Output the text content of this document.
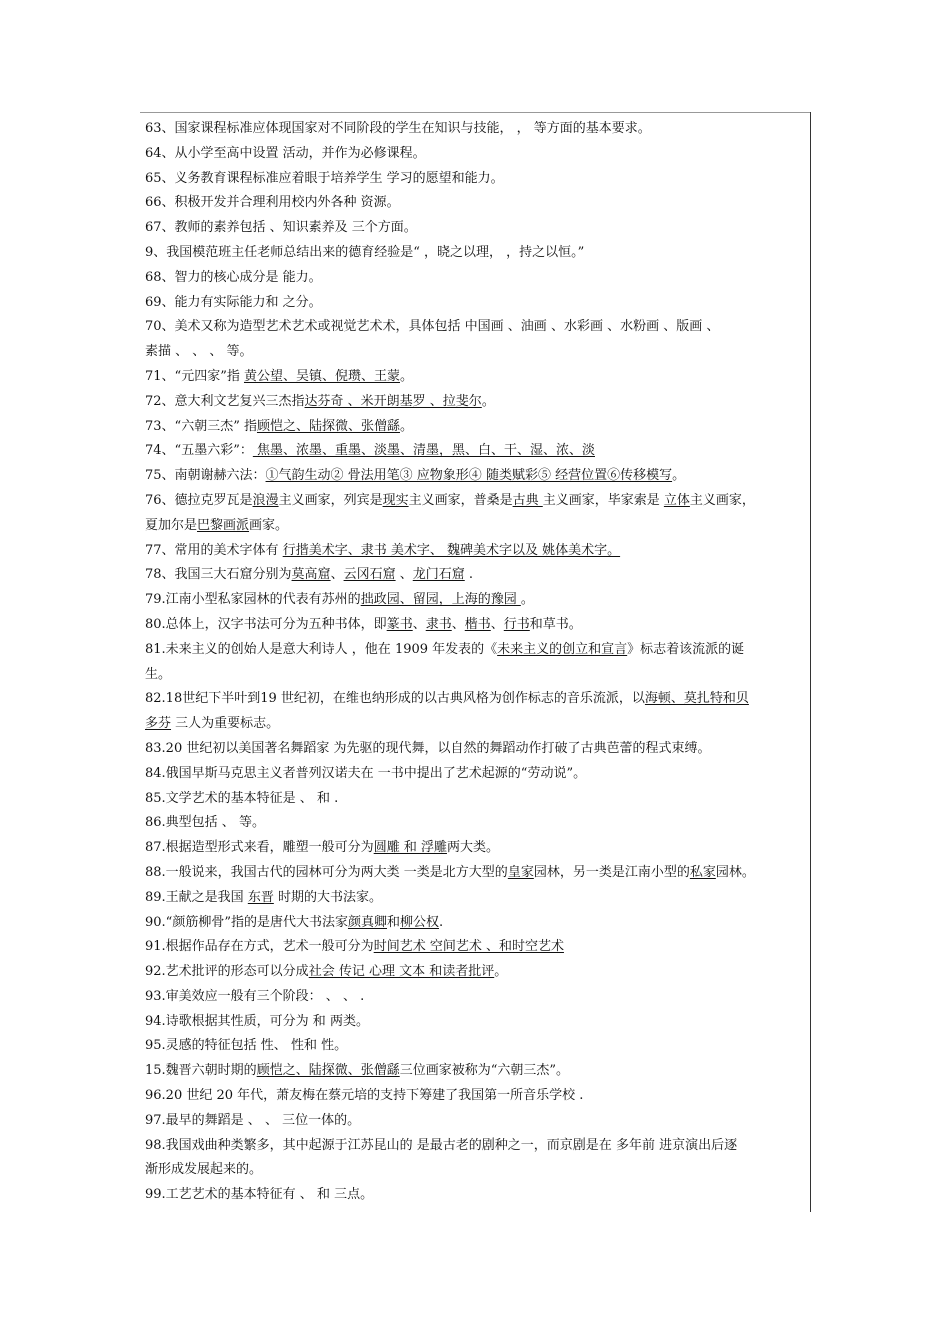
63、国家课程标准应体现国家对不同阶段的学生在知识与技能， ， 等方面的基本要求。
64、从小学至高中设置 活动，并作为必修课程。
65、义务教育课程标准应着眼于培养学生 学习的愿望和能力。
66、积极开发并合理利用校内外各种 资源。
67、教师的素养包括 、知识素养及 三个方面。
9、我国模范班主任老师总结出来的德育经验是“ ，晓之以理， ，持之以恒。”
68、智力的核心成分是 能力。
69、能力有实际能力和 之分。
70、美术又称为造型艺术艺术或视觉艺术术，具体包括 中国画 、油画 、水彩画 、水粉画 、版画 、
素描 、 、 、 等。
71、“元四家”指 黄公望、吴镇、倪瓒、王蒙。
72、意大利文艺复兴三杰指达芬奇 、米开朗基罗 、拉斐尔。
73、“六朝三杰” 指顾恺之、陆探微、张僧繇。
74、“五墨六彩”： 焦墨、浓墨、重墨、淡墨、清墨，黑、白、干、湿、浓、淡
75、南朝谢赫六法：①气韵生动② 骨法用笔③ 应物象形④ 随类赋彩⑤ 经营位置⑥传移模写。
76、德拉克罗瓦是浪漫主义画家，列宾是现实主义画家，普桑是古典 主义画家，毕家索是 立体主义画家，
夏加尔是巴黎画派画家。
77、常用的美术字体有 行揩美术字、隶书 美术字、 魏碑美术字以及 姚体美术字。
78、我国三大石窟分别为莫高窟、云冈石窟 、龙门石窟 .
79.江南小型私家园林的代表有苏州的拙政园、留园，上海的豫园 。
80.总体上，汉字书法可分为五种书体，即篆书、隶书、楷书、行书和草书。
81.未来主义的创始人是意大利诗人 ，他在 1909 年发表的《未来主义的创立和宣言》标志着该流派的诞
生。
82.18世纪下半叶到19 世纪初，在维也纳形成的以古典风格为创作标志的音乐流派，以海顿、莫扎特和贝
多芬 三人为重要标志。
83.20 世纪初以美国著名舞蹈家 为先驱的现代舞，以自然的舞蹈动作打破了古典芭蕾的程式束缚。
84.俄国早斯马克思主义者普列汉诺夫在 一书中提出了艺术起源的“劳动说”。
85.文学艺术的基本特征是 、 和 .
86.典型包括 、 等。
87.根据造型形式来看，雕塑一般可分为圆雕 和 浮雕两大类。
88.一般说来，我国古代的园林可分为两大类 一类是北方大型的皇家园林，另一类是江南小型的私家园林。
89.王献之是我国 东晋 时期的大书法家。
90.“颜筋柳骨”指的是唐代大书法家颜真卿和柳公权.
91.根据作品存在方式，艺术一般可分为时间艺术 空间艺术 、和时空艺术
92.艺术批评的形态可以分成社会 传记 心理 文本 和读者批评。
93.审美效应一般有三个阶段： 、 、 .
94.诗歌根据其性质，可分为 和 两类。
95.灵感的特征包括 性、 性和 性。
15.魏晋六朝时期的顾恺之、陆探微、张僧繇三位画家被称为“六朝三杰”。
96.20 世纪 20 年代，萧友梅在蔡元培的支持下筹建了我国第一所音乐学校 .
97.最早的舞蹈是 、 、 三位一体的。
98.我国戏曲种类繁多，其中起源于江苏昆山的 是最古老的剧种之一，而京剧是在 多年前 进京演出后逐
渐形成发展起来的。
99.工艺艺术的基本特征有 、 和 三点。
